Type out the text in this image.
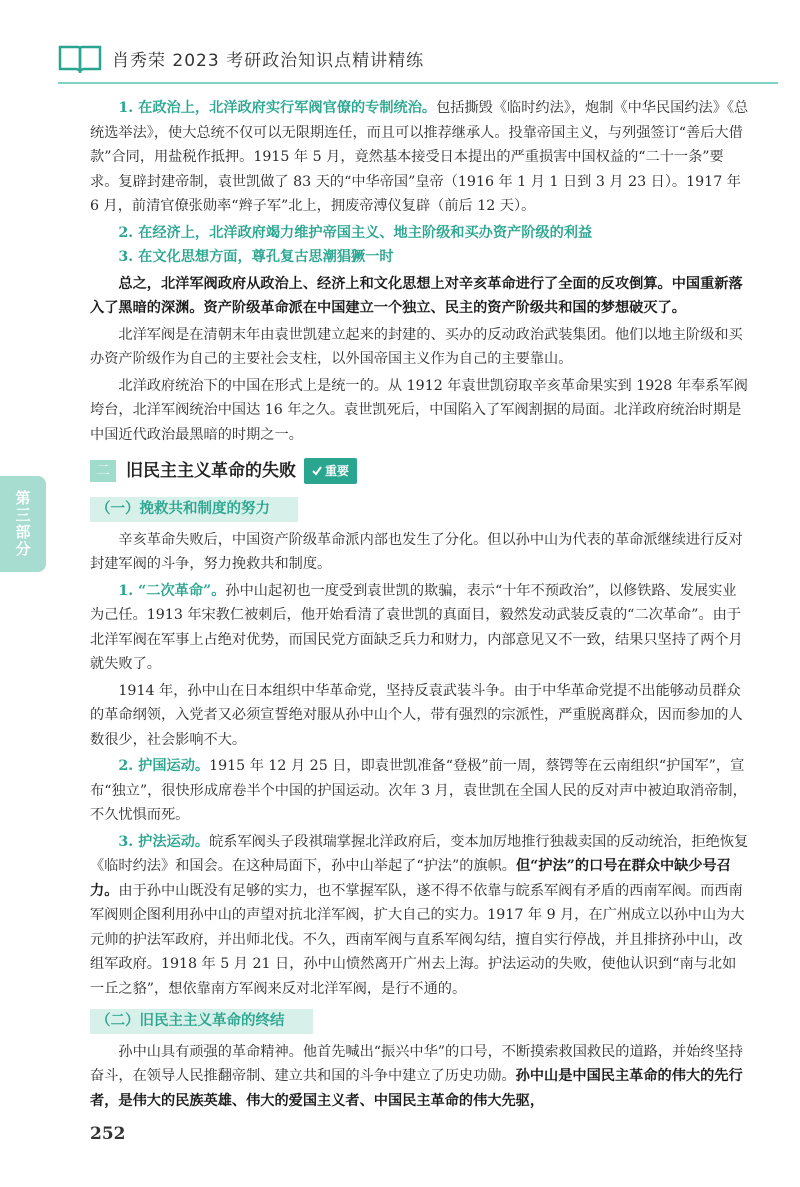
肖秀荣 2023 考研政治知识点精讲精练
第三部分

1. 在政治上，北洋政府实行军阀官僚的专制统治。包括撕毁《临时约法》，炮制《中华民国约法》《总统选举法》，使大总统不仅可以无限期连任，而且可以推荐继承人。投靠帝国主义，与列强签订“善后大借款”合同，用盐税作抵押。1915 年 5 月，竟然基本接受日本提出的严重损害中国权益的“二十一条”要求。复辟封建帝制，袁世凯做了 83 天的“中华帝国”皇帝（1916 年 1 月 1 日到 3 月 23 日）。1917 年 6 月，前清官僚张勋率“辫子军”北上，拥废帝溥仪复辟（前后 12 天）。

2. 在经济上，北洋政府竭力维护帝国主义、地主阶级和买办资产阶级的利益

3. 在文化思想方面，尊孔复古思潮猖獗一时

总之，北洋军阀政府从政治上、经济上和文化思想上对辛亥革命进行了全面的反攻倒算。中国重新落入了黑暗的深渊。资产阶级革命派在中国建立一个独立、民主的资产阶级共和国的梦想破灭了。

北洋军阀是在清朝末年由袁世凯建立起来的封建的、买办的反动政治武装集团。他们以地主阶级和买办资产阶级作为自己的主要社会支柱，以外国帝国主义作为自己的主要靠山。

北洋政府统治下的中国在形式上是统一的。从 1912 年袁世凯窃取辛亥革命果实到 1928 年奉系军阀垮台，北洋军阀统治中国达 16 年之久。袁世凯死后，中国陷入了军阀割据的局面。北洋政府统治时期是中国近代政治最黑暗的时期之一。

二 旧民主主义革命的失败 重要
（一）挽救共和制度的努力

辛亥革命失败后，中国资产阶级革命派内部也发生了分化。但以孙中山为代表的革命派继续进行反对封建军阀的斗争，努力挽救共和制度。

1. “二次革命”。孙中山起初也一度受到袁世凯的欺骗，表示“十年不预政治”，以修铁路、发展实业为己任。1913 年宋教仁被刺后，他开始看清了袁世凯的真面目，毅然发动武装反袁的“二次革命”。由于北洋军阀在军事上占绝对优势，而国民党方面缺乏兵力和财力，内部意见又不一致，结果只坚持了两个月就失败了。

1914 年，孙中山在日本组织中华革命党，坚持反袁武装斗争。由于中华革命党提不出能够动员群众的革命纲领，入党者又必须宣誓绝对服从孙中山个人，带有强烈的宗派性，严重脱离群众，因而参加的人数很少，社会影响不大。

2. 护国运动。1915 年 12 月 25 日，即袁世凯准备“登极”前一周，蔡锷等在云南组织“护国军”，宣布“独立”，很快形成席卷半个中国的护国运动。次年 3 月，袁世凯在全国人民的反对声中被迫取消帝制，不久忧惧而死。

3. 护法运动。皖系军阀头子段祺瑞掌握北洋政府后，变本加厉地推行独裁卖国的反动统治，拒绝恢复《临时约法》和国会。在这种局面下，孙中山举起了“护法”的旗帜。但“护法”的口号在群众中缺少号召力。由于孙中山既没有足够的实力，也不掌握军队，遂不得不依靠与皖系军阀有矛盾的西南军阀。而西南军阀则企图利用孙中山的声望对抗北洋军阀，扩大自己的实力。1917 年 9 月，在广州成立以孙中山为大元帅的护法军政府，并出师北伐。不久，西南军阀与直系军阀勾结，擅自实行停战，并且排挤孙中山，改组军政府。1918 年 5 月 21 日，孙中山愤然离开广州去上海。护法运动的失败，使他认识到“南与北如一丘之貉”，想依靠南方军阀来反对北洋军阀，是行不通的。

（二）旧民主主义革命的终结

孙中山具有顽强的革命精神。他首先喊出“振兴中华”的口号，不断摸索救国救民的道路，并始终坚持奋斗，在领导人民推翻帝制、建立共和国的斗争中建立了历史功勋。孙中山是中国民主革命的伟大的先行者，是伟大的民族英雄、伟大的爱国主义者、中国民主革命的伟大先驱，

252
